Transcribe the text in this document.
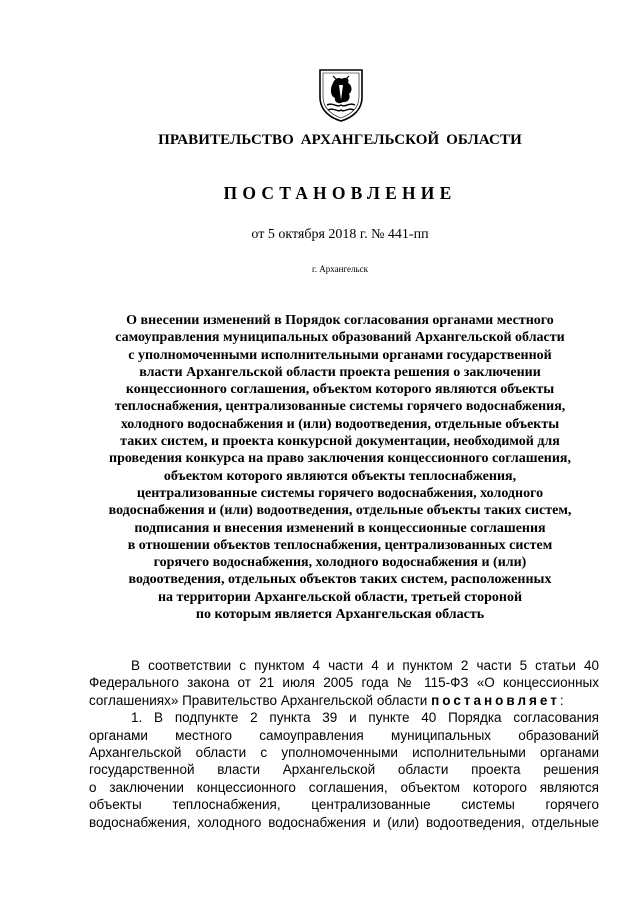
ПРАВИТЕЛЬСТВО АРХАНГЕЛЬСКОЙ ОБЛАСТИ
ПОСТАНОВЛЕНИЕ
от 5 октября 2018 г. № 441-пп
г. Архангельск
О внесении изменений в Порядок согласования органами местного
самоуправления муниципальных образований Архангельской области
с уполномоченными исполнительными органами государственной
власти Архангельской области проекта решения о заключении
концессионного соглашения, объектом которого являются объекты
теплоснабжения, централизованные системы горячего водоснабжения,
холодного водоснабжения и (или) водоотведения, отдельные объекты
таких систем, и проекта конкурсной документации, необходимой для
проведения конкурса на право заключения концессионного соглашения,
объектом которого являются объекты теплоснабжения,
централизованные системы горячего водоснабжения, холодного
водоснабжения и (или) водоотведения, отдельные объекты таких систем,
подписания и внесения изменений в концессионные соглашения
в отношении объектов теплоснабжения, централизованных систем
горячего водоснабжения, холодного водоснабжения и (или)
водоотведения, отдельных объектов таких систем, расположенных
на территории Архангельской области, третьей стороной
по которым является Архангельская область
В соответствии с пунктом 4 части 4 и пунктом 2 части 5 статьи 40
Федерального закона от 21 июля 2005 года № 115-ФЗ «О концессионных
соглашениях» Правительство Архангельской области постановляет:
1. В подпункте 2 пункта 39 и пункте 40 Порядка согласования
органами местного самоуправления муниципальных образований
Архангельской области с уполномоченными исполнительными органами
государственной власти Архангельской области проекта решения
о заключении концессионного соглашения, объектом которого являются
объекты теплоснабжения, централизованные системы горячего
водоснабжения, холодного водоснабжения и (или) водоотведения, отдельные
